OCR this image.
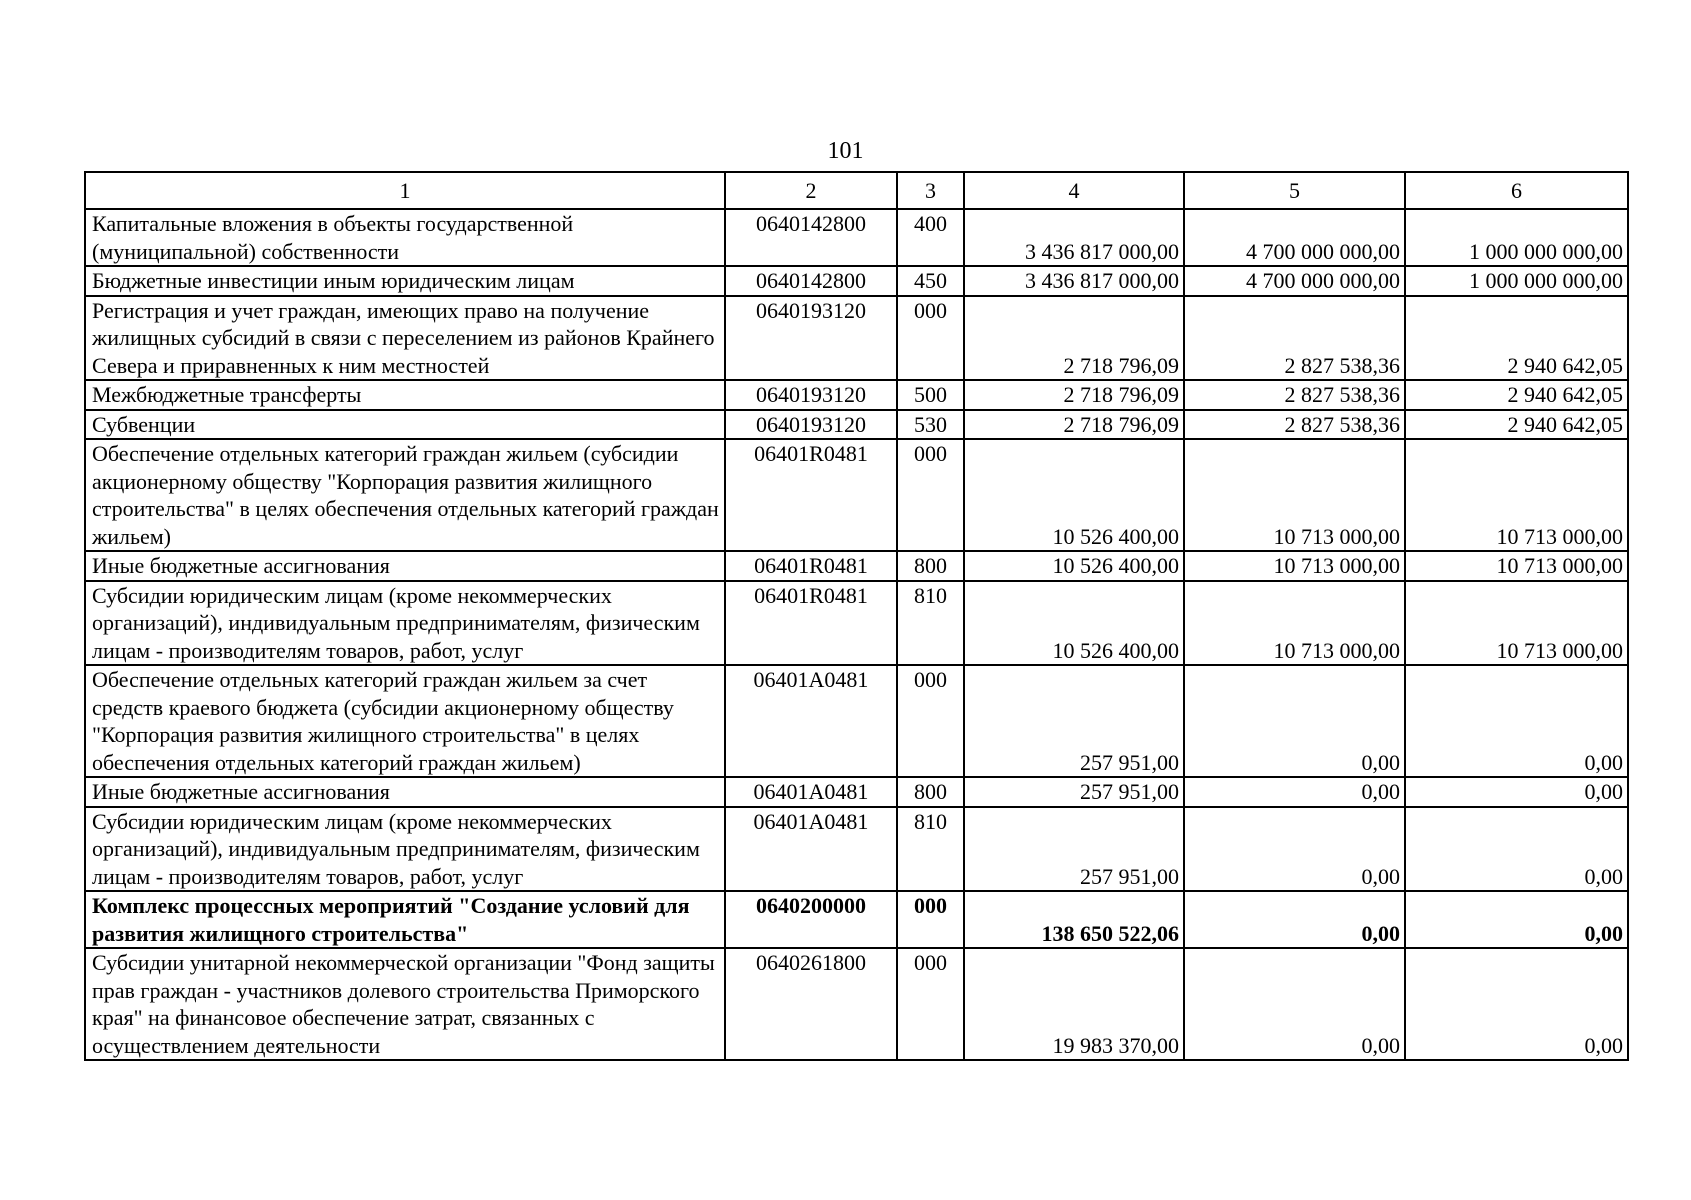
101
1	2	3	4	5	6
Капитальные вложения в объекты государственной (муниципальной) собственности	0640142800	400	3 436 817 000,00	4 700 000 000,00	1 000 000 000,00
Бюджетные инвестиции иным юридическим лицам	0640142800	450	3 436 817 000,00	4 700 000 000,00	1 000 000 000,00
Регистрация и учет граждан, имеющих право на получение жилищных субсидий в связи с переселением из районов Крайнего Севера и приравненных к ним местностей	0640193120	000	2 718 796,09	2 827 538,36	2 940 642,05
Межбюджетные трансферты	0640193120	500	2 718 796,09	2 827 538,36	2 940 642,05
Субвенции	0640193120	530	2 718 796,09	2 827 538,36	2 940 642,05
Обеспечение отдельных категорий граждан жильем (субсидии акционерному обществу "Корпорация развития жилищного строительства" в целях обеспечения отдельных категорий граждан жильем)	06401R0481	000	10 526 400,00	10 713 000,00	10 713 000,00
Иные бюджетные ассигнования	06401R0481	800	10 526 400,00	10 713 000,00	10 713 000,00
Субсидии юридическим лицам (кроме некоммерческих организаций), индивидуальным предпринимателям, физическим лицам - производителям товаров, работ, услуг	06401R0481	810	10 526 400,00	10 713 000,00	10 713 000,00
Обеспечение отдельных категорий граждан жильем за счет средств краевого бюджета (субсидии акционерному обществу "Корпорация развития жилищного строительства" в целях обеспечения отдельных категорий граждан жильем)	06401A0481	000	257 951,00	0,00	0,00
Иные бюджетные ассигнования	06401A0481	800	257 951,00	0,00	0,00
Субсидии юридическим лицам (кроме некоммерческих организаций), индивидуальным предпринимателям, физическим лицам - производителям товаров, работ, услуг	06401A0481	810	257 951,00	0,00	0,00
Комплекс процессных мероприятий "Создание условий для развития жилищного строительства"	0640200000	000	138 650 522,06	0,00	0,00
Субсидии унитарной некоммерческой организации "Фонд защиты прав граждан - участников долевого строительства Приморского края" на финансовое обеспечение затрат, связанных с осуществлением деятельности	0640261800	000	19 983 370,00	0,00	0,00
